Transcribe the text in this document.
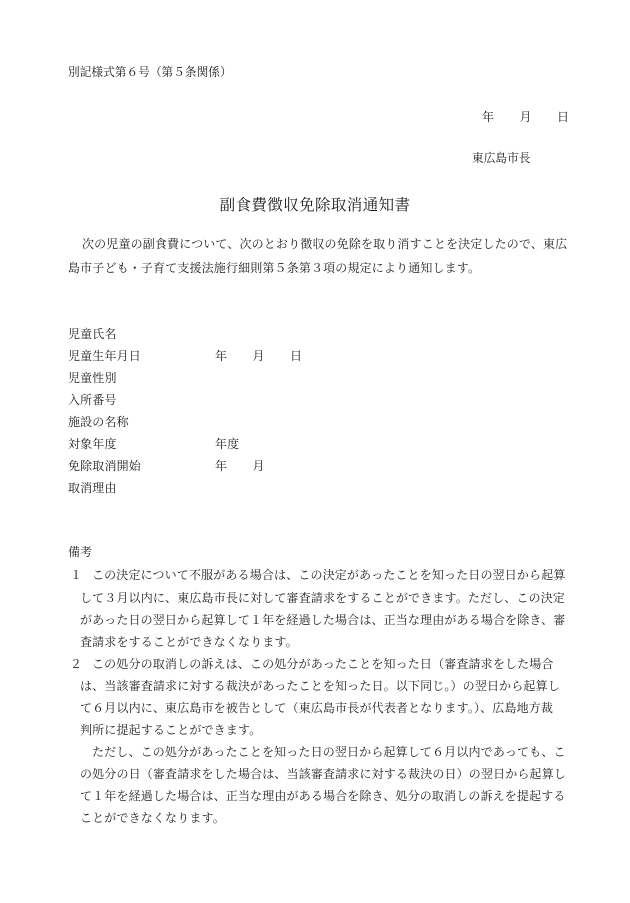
別記様式第６号（第５条関係）
年　　月　　日
東広島市長
副食費徴収免除取消通知書
次の児童の副食費について、次のとおり徴収の免除を取り消すことを決定したので、東広
島市子ども・子育て支援法施行細則第５条第３項の規定により通知します。
児童氏名
児童生年月日	年　　月　　日
児童性別
入所番号
施設の名称
対象年度	年度
免除取消開始	年　　月
取消理由
備考
１ この決定について不服がある場合は、この決定があったことを知った日の翌日から起算
して３月以内に、東広島市長に対して審査請求をすることができます。ただし、この決定
があった日の翌日から起算して１年を経過した場合は、正当な理由がある場合を除き、審
査請求をすることができなくなります。
２ この処分の取消しの訴えは、この処分があったことを知った日（審査請求をした場合
は、当該審査請求に対する裁決があったことを知った日。以下同じ。）の翌日から起算し
て６月以内に、東広島市を被告として（東広島市長が代表者となります。）、広島地方裁
判所に提起することができます。
ただし、この処分があったことを知った日の翌日から起算して６月以内であっても、こ
の処分の日（審査請求をした場合は、当該審査請求に対する裁決の日）の翌日から起算し
て１年を経過した場合は、正当な理由がある場合を除き、処分の取消しの訴えを提起する
ことができなくなります。
